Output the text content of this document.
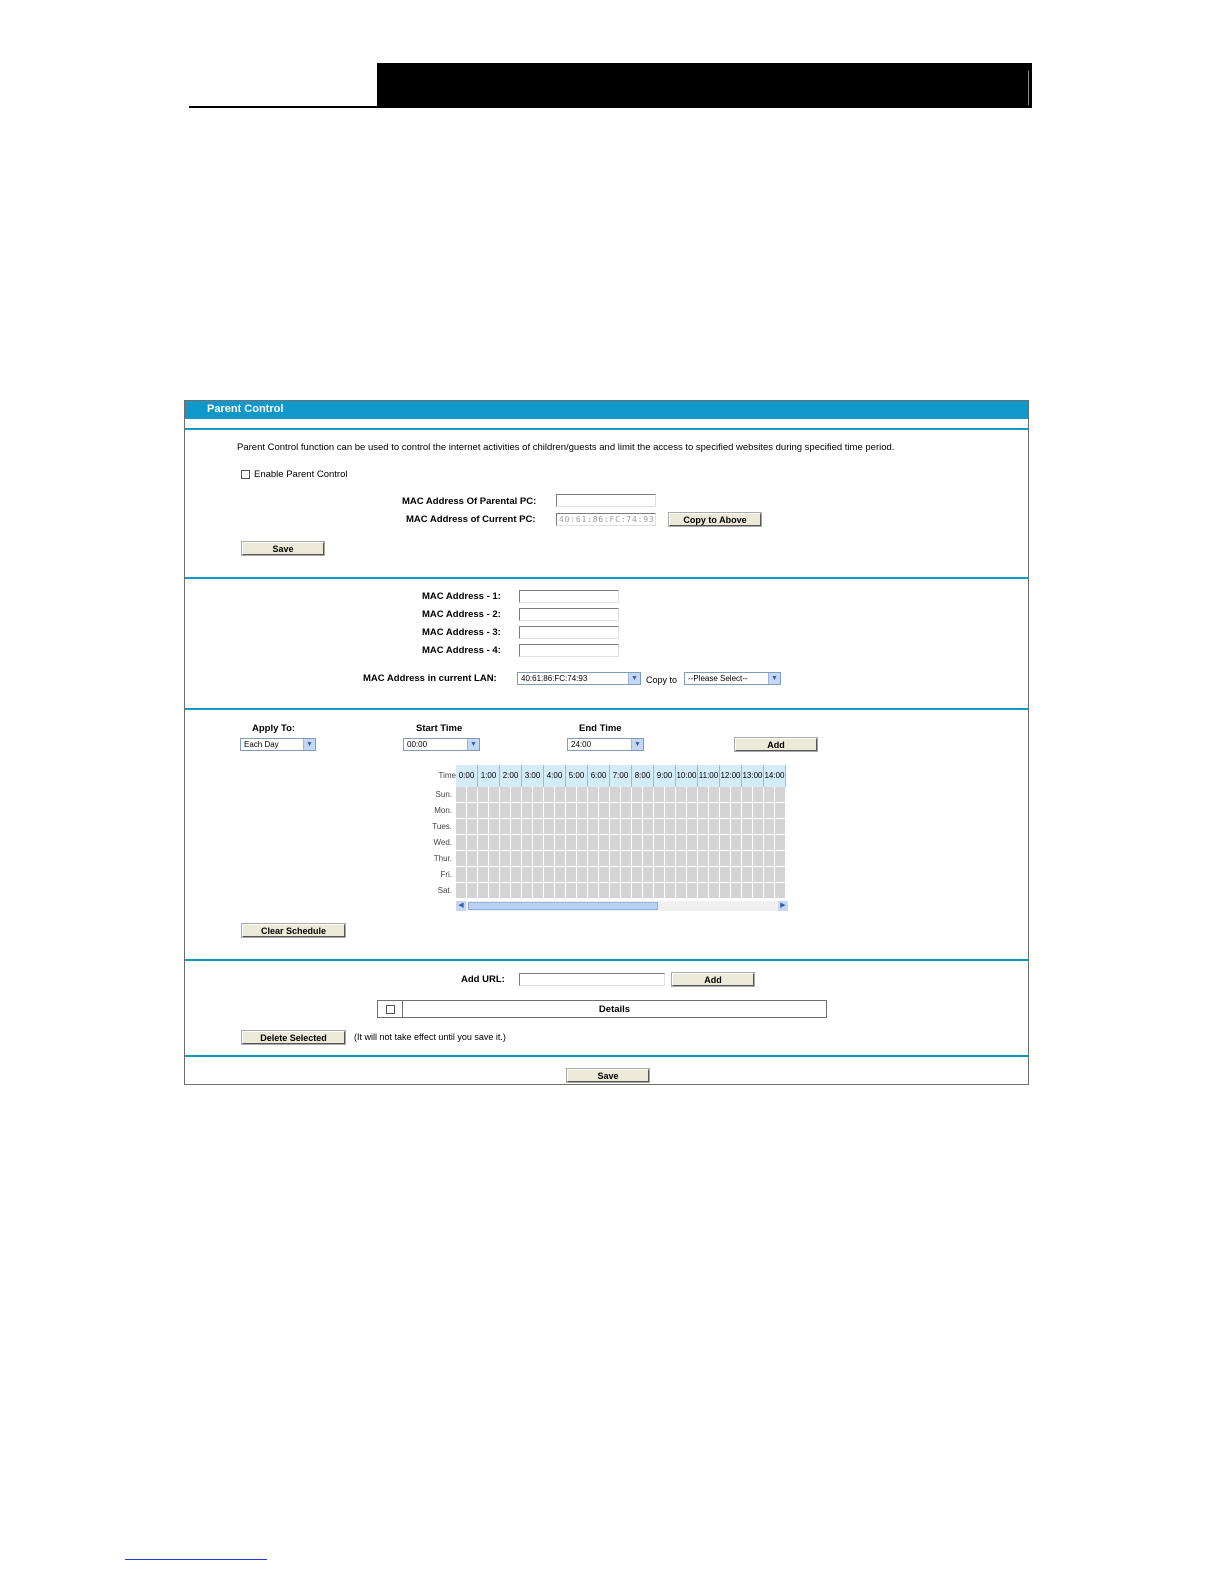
Parent Control
Parent Control function can be used to control the internet activities of children/guests and limit the access to specified websites during specified time period.
Enable Parent Control
MAC Address Of Parental PC:
MAC Address of Current PC:	40:61:86:FC:74:93	Copy to Above
Save
MAC Address - 1:
MAC Address - 2:
MAC Address - 3:
MAC Address - 4:
MAC Address in current LAN:	40:61:86:FC:74:93	▼ Copy to	--Please Select--	▼
Apply To:
Each Day	▼
Start Time
00:00	▼
End Time
24:00	▼	Add
Time 0:00 1:00 2:00 3:00 4:00 5:00 6:00 7:00 8:00 9:00 10:00 11:00 12:00 13:00 14:00
Sun.
Mon.
Tues.
Wed.
Thur.
Fri.
Sat.
◀	▶
Clear Schedule
Add URL:	Add
Details
Delete Selected	(It will not take effect until you save it.)
Save
